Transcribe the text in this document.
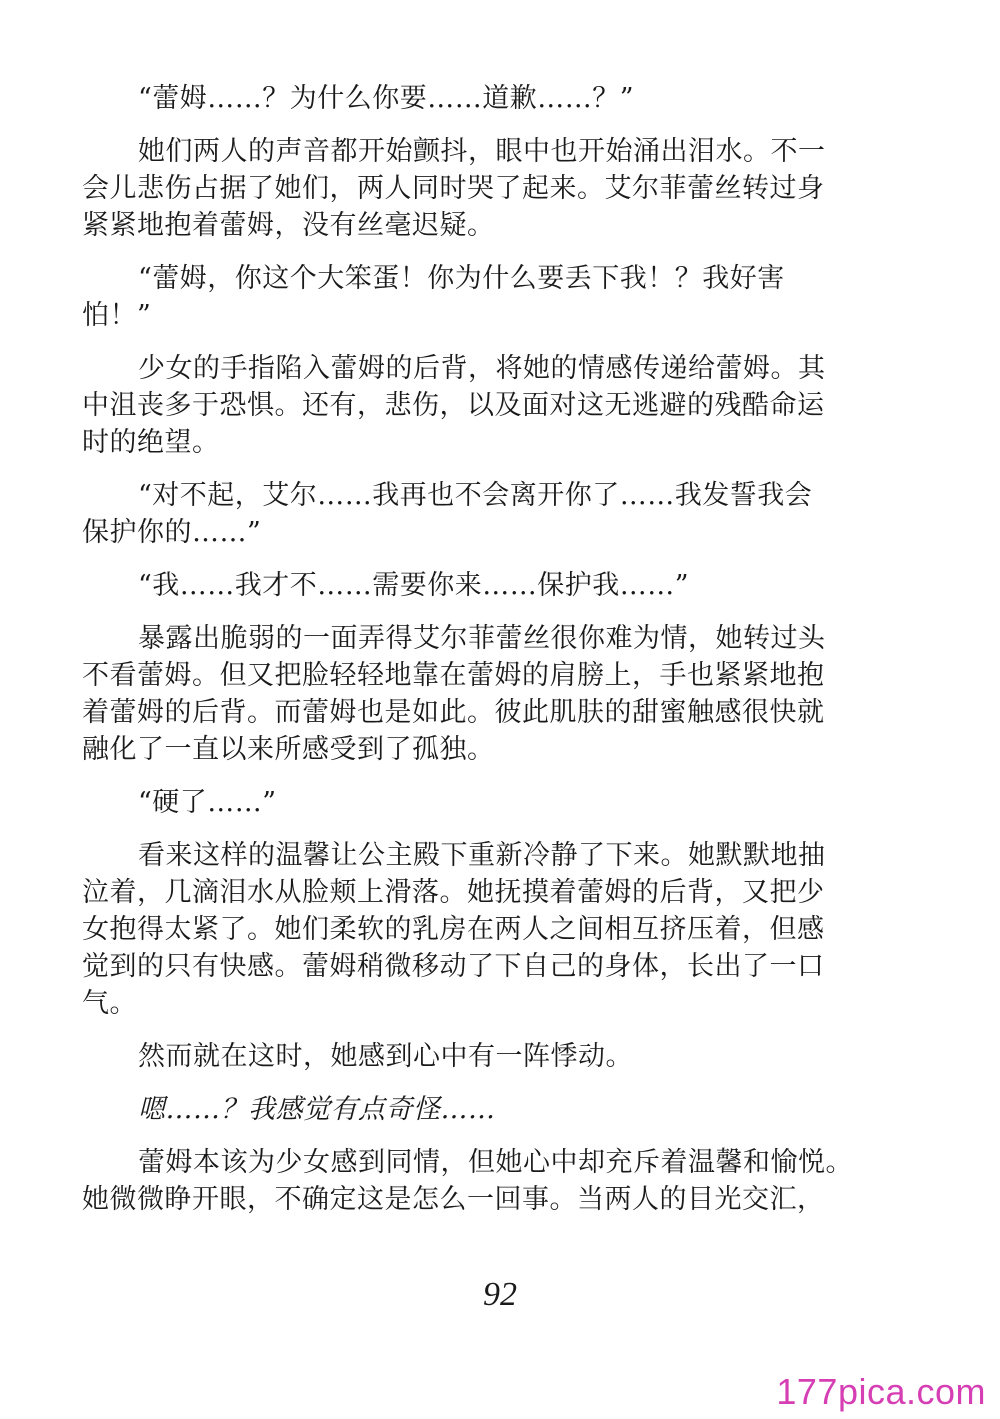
“蕾姆……？为什么你要……道歉……？”

她们两人的声音都开始颤抖，眼中也开始涌出泪水。不一
会儿悲伤占据了她们，两人同时哭了起来。艾尔菲蕾丝转过身
紧紧地抱着蕾姆，没有丝毫迟疑。

“蕾姆，你这个大笨蛋！你为什么要丢下我！？我好害
怕！”

少女的手指陷入蕾姆的后背，将她的情感传递给蕾姆。其
中沮丧多于恐惧。还有，悲伤，以及面对这无逃避的残酷命运
时的绝望。

“对不起，艾尔……我再也不会离开你了……我发誓我会
保护你的……”

“我……我才不……需要你来……保护我……”

暴露出脆弱的一面弄得艾尔菲蕾丝很你难为情，她转过头
不看蕾姆。但又把脸轻轻地靠在蕾姆的肩膀上，手也紧紧地抱
着蕾姆的后背。而蕾姆也是如此。彼此肌肤的甜蜜触感很快就
融化了一直以来所感受到了孤独。

“硬了……”

看来这样的温馨让公主殿下重新冷静了下来。她默默地抽
泣着，几滴泪水从脸颊上滑落。她抚摸着蕾姆的后背，又把少
女抱得太紧了。她们柔软的乳房在两人之间相互挤压着，但感
觉到的只有快感。蕾姆稍微移动了下自己的身体，长出了一口
气。

然而就在这时，她感到心中有一阵悸动。

嗯……？我感觉有点奇怪……

蕾姆本该为少女感到同情，但她心中却充斥着温馨和愉悦。
她微微睁开眼，不确定这是怎么一回事。当两人的目光交汇，

92
177pica.com
